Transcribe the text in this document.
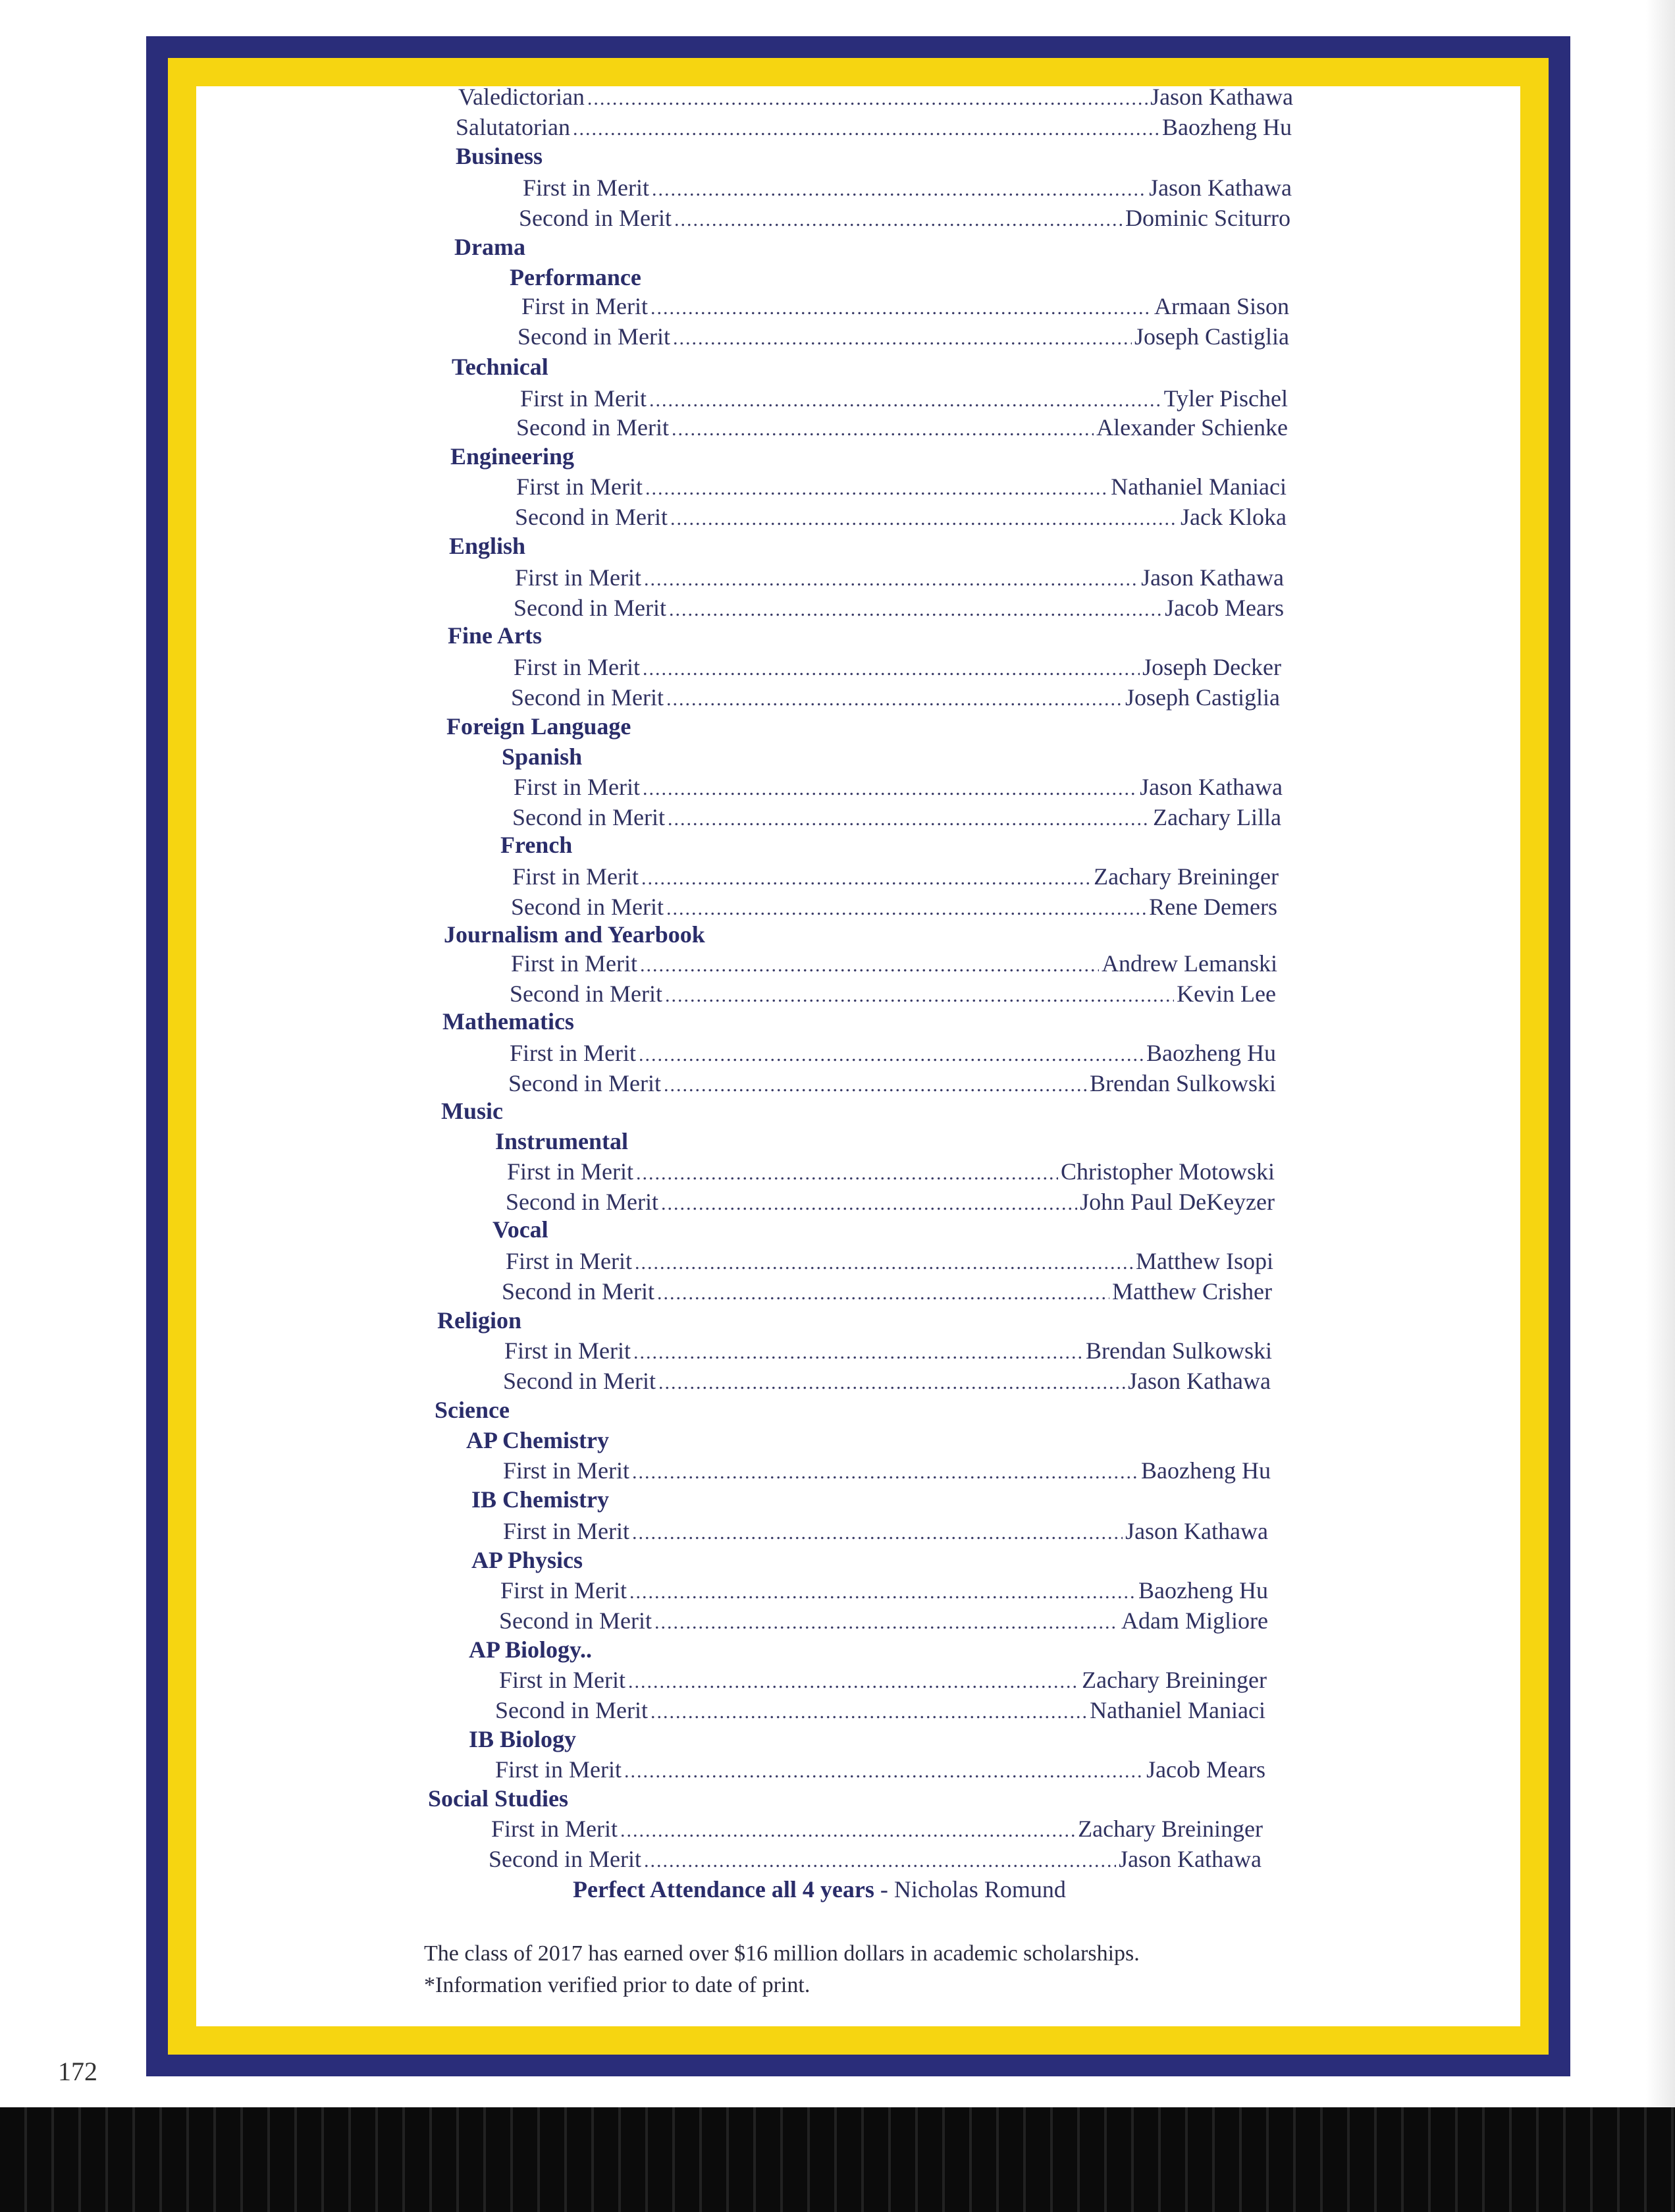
Valedictorian .....	Jason Kathawa
Salutatorian .....	Baozheng Hu
Business
First in Merit .....	Jason Kathawa
Second in Merit .....	Dominic Sciturro
Drama
Performance
First in Merit .....	Armaan Sison
Second in Merit .....	Joseph Castiglia
Technical
First in Merit .....	Tyler Pischel
Second in Merit .....	Alexander Schienke
Engineering
First in Merit .....	Nathaniel Maniaci
Second in Merit .....	Jack Kloka
English
First in Merit .....	Jason Kathawa
Second in Merit .....	Jacob Mears
Fine Arts
First in Merit .....	Joseph Decker
Second in Merit .....	Joseph Castiglia
Foreign Language
Spanish
First in Merit .....	Jason Kathawa
Second in Merit .....	Zachary Lilla
French
First in Merit .....	Zachary Breininger
Second in Merit .....	Rene Demers
Journalism and Yearbook
First in Merit .....	Andrew Lemanski
Second in Merit .....	Kevin Lee
Mathematics
First in Merit .....	Baozheng Hu
Second in Merit .....	Brendan Sulkowski
Music
Instrumental
First in Merit .....	Christopher Motowski
Second in Merit .....	John Paul DeKeyzer
Vocal
First in Merit .....	Matthew Isopi
Second in Merit .....	Matthew Crisher
Religion
First in Merit .....	Brendan Sulkowski
Second in Merit .....	Jason Kathawa
Science
AP Chemistry
First in Merit .....	Baozheng Hu
IB Chemistry
First in Merit .....	Jason Kathawa
AP Physics
First in Merit .....	Baozheng Hu
Second in Merit .....	Adam Migliore
AP Biology..
First in Merit .....	Zachary Breininger
Second in Merit .....	Nathaniel Maniaci
IB Biology
First in Merit .....	Jacob Mears
Social Studies
First in Merit .....	Zachary Breininger
Second in Merit .....	Jason Kathawa
Perfect Attendance all 4 years - Nicholas Romund
The class of 2017 has earned over $16 million dollars in academic scholarships.
*Information verified prior to date of print.
172
